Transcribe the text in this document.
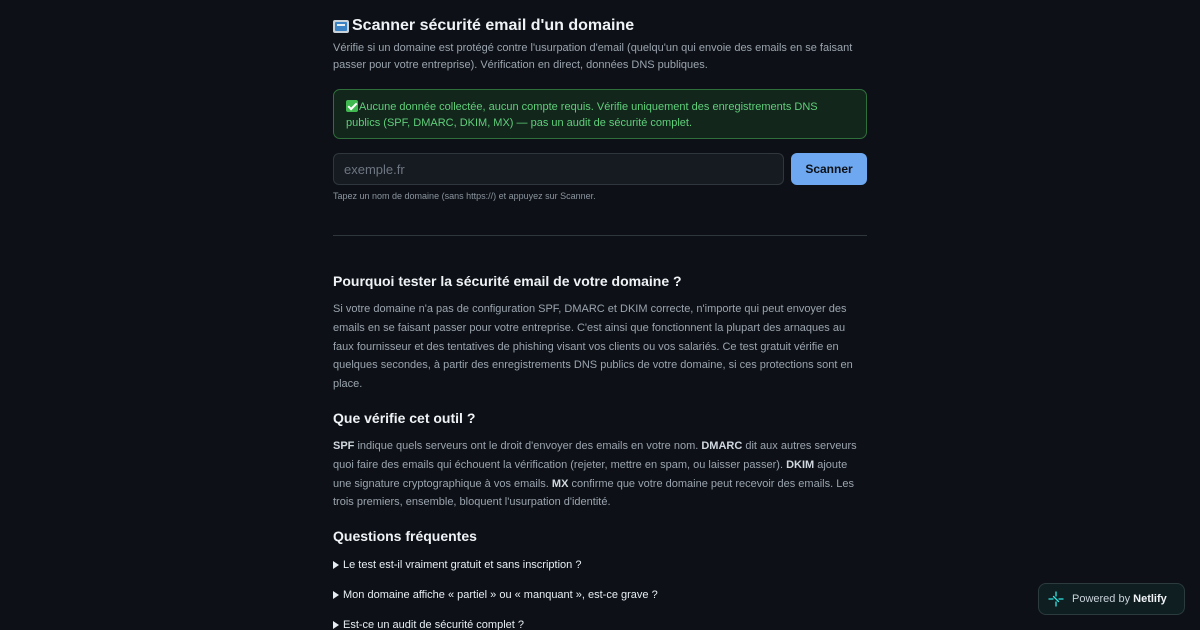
Scanner sécurité email d'un domaine

Vérifie si un domaine est protégé contre l'usurpation d'email (quelqu'un qui envoie des emails en se faisant passer pour votre entreprise). Vérification en direct, données DNS publiques.

Aucune donnée collectée, aucun compte requis. Vérifie uniquement des enregistrements DNS publics (SPF, DMARC, DKIM, MX) — pas un audit de sécurité complet.
exemple.fr
Scanner

Tapez un nom de domaine (sans https://) et appuyez sur Scanner.

Pourquoi tester la sécurité email de votre domaine ?

Si votre domaine n'a pas de configuration SPF, DMARC et DKIM correcte, n'importe qui peut envoyer des emails en se faisant passer pour votre entreprise. C'est ainsi que fonctionnent la plupart des arnaques au faux fournisseur et des tentatives de phishing visant vos clients ou vos salariés. Ce test gratuit vérifie en quelques secondes, à partir des enregistrements DNS publics de votre domaine, si ces protections sont en place.

Que vérifie cet outil ?

SPF indique quels serveurs ont le droit d'envoyer des emails en votre nom. DMARC dit aux autres serveurs quoi faire des emails qui échouent la vérification (rejeter, mettre en spam, ou laisser passer). DKIM ajoute une signature cryptographique à vos emails. MX confirme que votre domaine peut recevoir des emails. Les trois premiers, ensemble, bloquent l'usurpation d'identité.

Questions fréquentes
Le test est-il vraiment gratuit et sans inscription ?
Mon domaine affiche « partiel » ou « manquant », est-ce grave ?
Est-ce un audit de sécurité complet ?
Powered by Netlify
